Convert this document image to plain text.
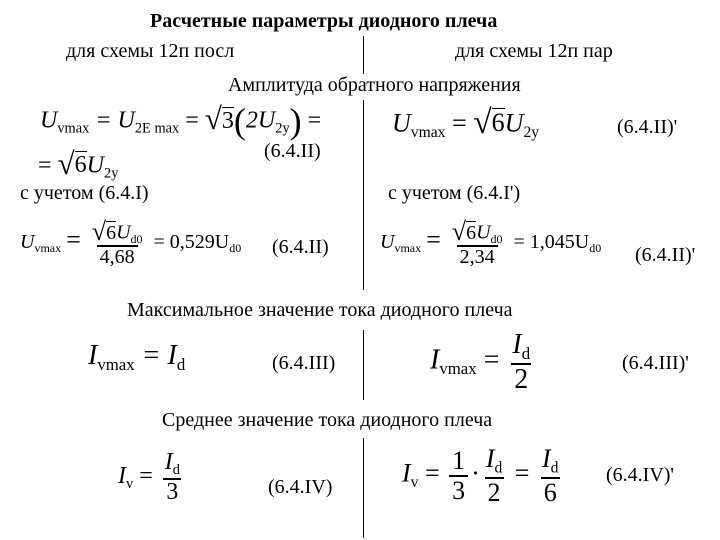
Расчетные параметры диодного плеча
для схемы 12п посл	для схемы 12п пар
Амплитуда обратного напряжения
$U_{vmax} = U_{2E max} = √3(2U_{2y})$ =
= $√6U_{2y}$
(6.4.II)
$U_{vmax} = √6U_{2y}$	(6.4.II)'
с учетом (6.4.I)	с учетом (6.4.I')
$U_{vmax} = \frac{√6U_{d0}}{4,68} = 0,529U_{d0}$ (6.4.II)	$U_{vmax} = \frac{√6U_{d0}}{2,34} = 1,045U_{d0}$ (6.4.II)'
Максимальное значение тока диодного плеча
$I_{vmax} = I_d$	(6.4.III)	$I_{vmax} = \frac{I_d}{2}$	(6.4.III)'
Среднее значение тока диодного плеча
$I_v = \frac{I_d}{3}$	(6.4.IV)	$I_v = \frac{1}{3} \cdot \frac{I_d}{2} = \frac{I_d}{6} (6.4.IV)'$
